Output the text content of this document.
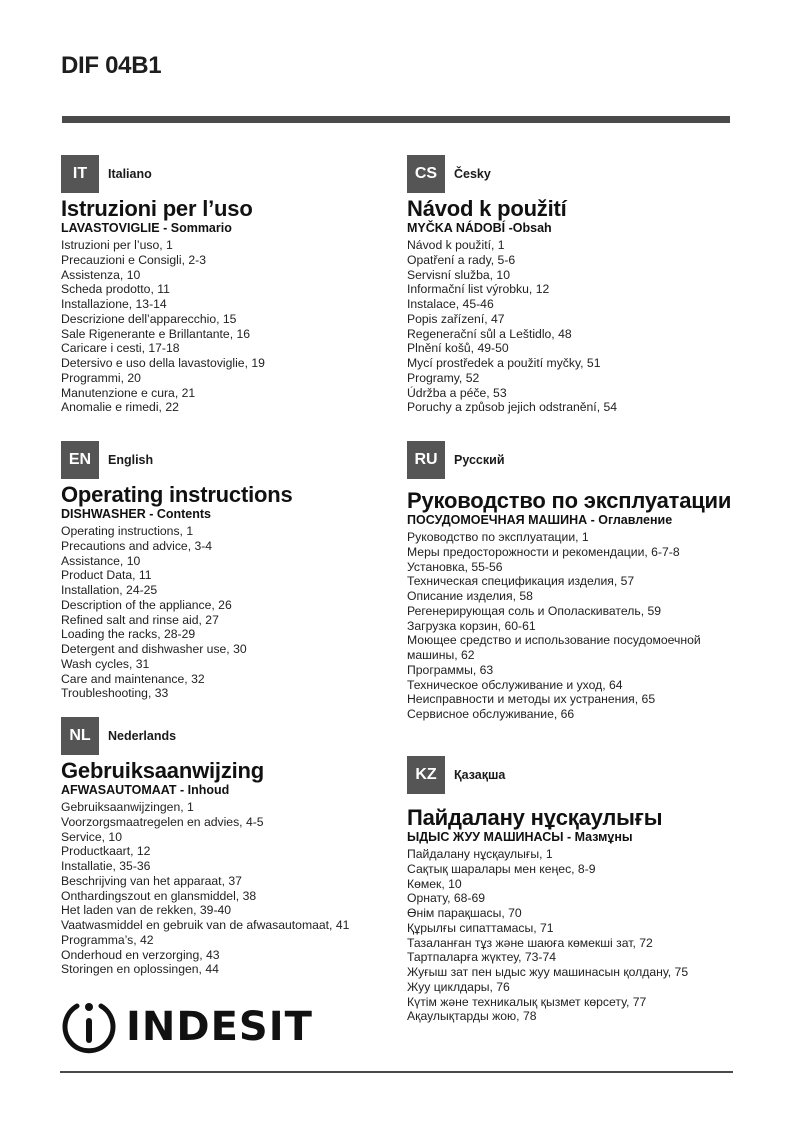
DIF 04B1
IT	Italiano
Istruzioni per l’uso
LAVASTOVIGLIE - Sommario
Istruzioni per l’uso, 1
Precauzioni e Consigli, 2-3
Assistenza, 10
Scheda prodotto, 11
Installazione, 13-14
Descrizione dell’apparecchio, 15
Sale Rigenerante e Brillantante, 16
Caricare i cesti, 17-18
Detersivo e uso della lavastoviglie, 19
Programmi, 20
Manutenzione e cura, 21
Anomalie e rimedi, 22
CS	Česky
Návod k použití
MYČKA NÁDOBÍ -Obsah
Návod k použití, 1
Opatření a rady, 5-6
Servisní služba, 10
Informační list výrobku, 12
Instalace, 45-46
Popis zařízení, 47
Regenerační sůl a Leštidlo, 48
Plnění košů, 49-50
Mycí prostředek a použití myčky, 51
Programy, 52
Údržba a péče, 53
Poruchy a způsob jejich odstranění, 54
EN	English
Operating instructions
DISHWASHER - Contents
Operating instructions, 1
Precautions and advice, 3-4
Assistance, 10
Product Data, 11
Installation, 24-25
Description of the appliance, 26
Refined salt and rinse aid, 27
Loading the racks, 28-29
Detergent and dishwasher use, 30
Wash cycles, 31
Care and maintenance, 32
Troubleshooting, 33
RU	Русский
Руководство по эксплуатации
ПОСУДОМОЕЧНАЯ МАШИНА - Оглавление
Руководство по эксплуатации, 1
Меры предосторожности и рекомендации, 6-7-8
Установка, 55-56
Техническая спецификация изделия, 57
Описание изделия, 58
Регенерирующая соль и Ополаскиватель, 59
Загрузка корзин, 60-61
Моющее средство и использование посудомоечной машины, 62
Программы, 63
Техническое обслуживание и уход, 64
Неисправности и методы их устранения, 65
Сервисное обслуживание, 66
NL	Nederlands
Gebruiksaanwijzing
AFWASAUTOMAAT - Inhoud
Gebruiksaanwijzingen, 1
Voorzorgsmaatregelen en advies, 4-5
Service, 10
Productkaart, 12
Installatie, 35-36
Beschrijving van het apparaat, 37
Onthardingszout en glansmiddel, 38
Het laden van de rekken, 39-40
Vaatwasmiddel en gebruik van de afwasautomaat, 41
Programma’s, 42
Onderhoud en verzorging, 43
Storingen en oplossingen, 44
KZ	Қазақша
Пайдалану нұсқаулығы
ЫДЫС ЖУУ МАШИНАСЫ - Мазмұны
Пайдалану нұсқаулығы, 1
Сақтық шаралары мен кеңес, 8-9
Көмек, 10
Орнату, 68-69
Өнім парақшасы, 70
Құрылғы сипаттамасы, 71
Тазаланған тұз және шаюға көмекші зат, 72
Тартпаларға жүктеу, 73-74
Жуғыш зат пен ыдыс жуу машинасын қолдану, 75
Жуу циклдары, 76
Күтім және техникалық қызмет көрсету, 77
Ақаулықтарды жою, 78
INDESIT
